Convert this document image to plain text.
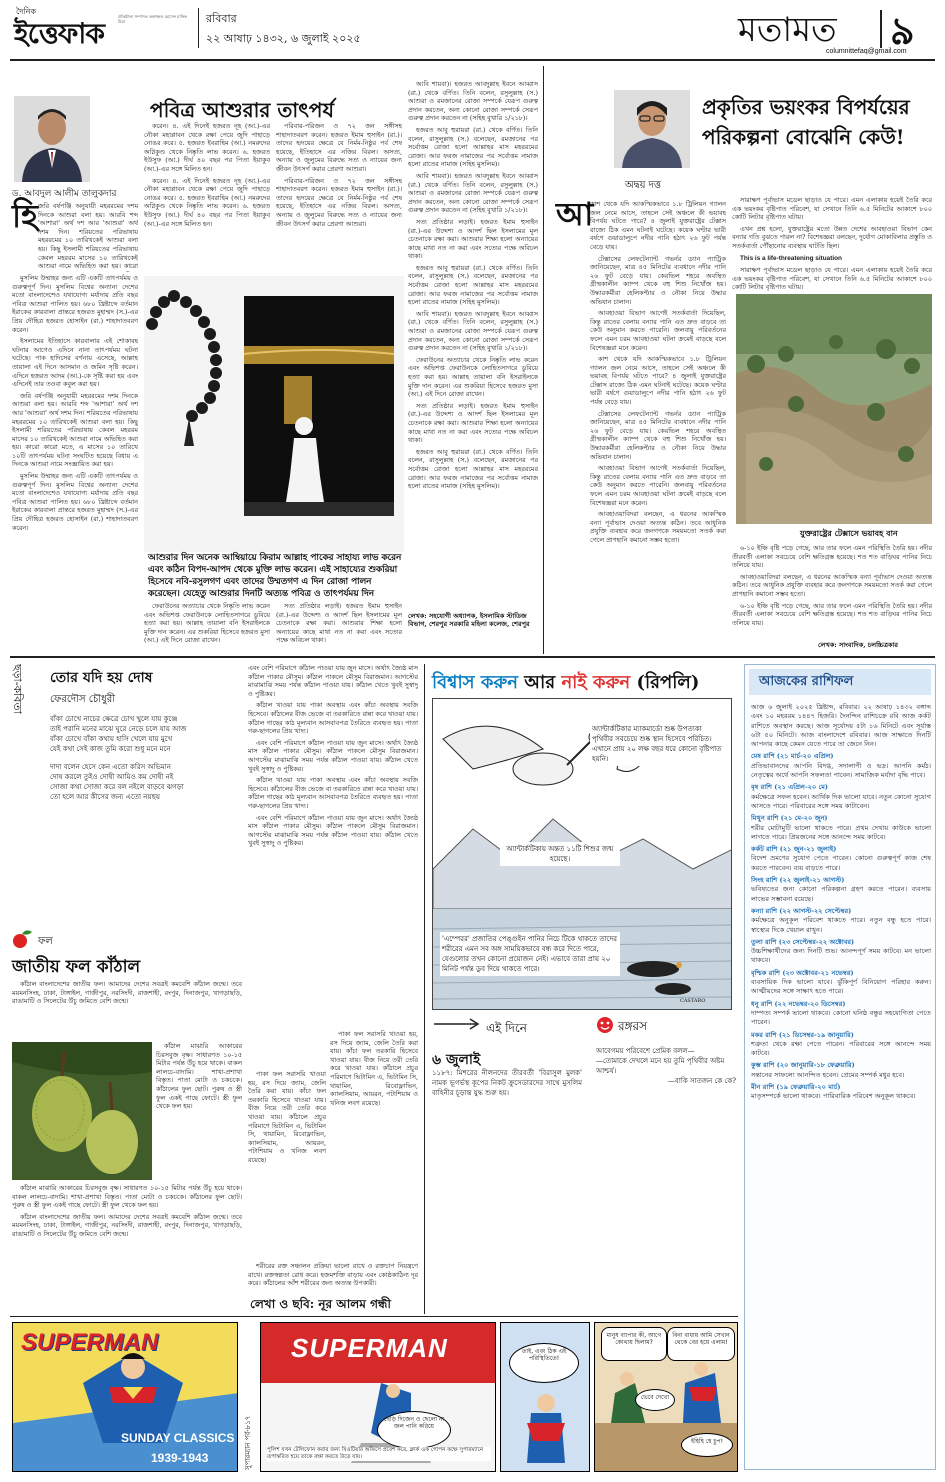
দৈনিক
ইত্তেফাক
প্রতিষ্ঠাতা সম্পাদক তফাজ্জল হোসেন মানিক মিয়া	রবিবার
২২ আষাঢ় ১৪৩২, ৬ জুলাই ২০২৫	মতামত ৯
columnittefaq@gmail.com
পবিত্র আশুরার তাৎপর্য
ড. আবদুল আলীম তালুকদার
হি জরি বর্ষপঞ্জি অনুযায়ী মহররমের দশম দিনকে আশুরা বলা হয়। আরবি শব্দ 'আশারা' অর্থ দশ আর 'আশুরা' অর্থ দশম দিন। শরিয়তের পরিভাষায় মহররমের ১০ তারিখকেই আশুরা বলা হয়। কিছু ইসলামী শরিয়তের পরিভাষায় কেবল মহররম মাসের ১০ তারিখকেই আশুরা নামে অভিহিত করা হয়। কারো

মুসলিম উম্মাহর জন্য এটি একটি তাৎপর্যময় ও গুরুত্বপূর্ণ দিন। মুসলিম বিশ্বের অন্যান্য দেশের মতো বাংলাদেশেও যথাযোগ্য মর্যাদায় প্রতি বছর পবিত্র আশুরা পালিত হয়। ৬৮০ খ্রিষ্টাব্দে বর্তমান ইরাকের কারবালা প্রান্তরে হজরত মুহাম্মদ (স.)-এর প্রিয় দৌহিত্র হজরত হোসাইন (রা.) শাহাদাতবরণ করেন।

ইসলামের ইতিহাসে কারবালার এই শোকাবহ ঘটনার আগেও এদিনে নানা তাৎপর্যময় ঘটনা ঘটেছে। পাক হাদিসের বর্ণনায় এসেছে, আল্লাহ তায়ালা এই দিনে আসমান ও জমিন সৃষ্টি করেন। এদিনে হজরত আদম (আ.)-কে সৃষ্টি করা হয় এবং এদিনেই তার তওবা কবুল করা হয়।

জরি বর্ষপঞ্জি অনুযায়ী মহররমের দশম দিনকে আশুরা বলা হয়। আরবি শব্দ 'আশারা' অর্থ দশ আর 'আশুরা' অর্থ দশম দিন। শরিয়তের পরিভাষায় মহররমের ১০ তারিখকেই আশুরা বলা হয়। কিছু ইসলামী শরিয়তের পরিভাষায় কেবল মহররম মাসের ১০ তারিখকেই আশুরা নামে অভিহিত করা হয়। কারো কারো মতে, এ মাসের ১০ তারিখে ১০টি তাৎপর্যময় ঘটনা সংঘটিত হয়েছে বিধায় এ দিনকে আশুরা নামে সংজ্ঞায়িত করা হয়।

মুসলিম উম্মাহর জন্য এটি একটি তাৎপর্যময় ও গুরুত্বপূর্ণ দিন। মুসলিম বিশ্বের অন্যান্য দেশের মতো বাংলাদেশেও যথাযোগ্য মর্যাদায় প্রতি বছর পবিত্র আশুরা পালিত হয়। ৬৮০ খ্রিষ্টাব্দে বর্তমান ইরাকের কারবালা প্রান্তরে হজরত মুহাম্মদ (স.)-এর প্রিয় দৌহিত্র হজরত হোসাইন (রা.) শাহাদাতবরণ করেন।

করেন। ৪. এই দিনেই হজরত নূহ (আ.)-এর নৌকা মহাপ্লাবন থেকে রক্ষা পেয়ে জুদি পাহাড়ে নোঙর করে। ৫. হজরত ইবরাহিম (আ.) নমরুদের অগ্নিকুণ্ড থেকে নিষ্কৃতি লাভ করেন। ৬. হজরত ইউসুফ (আ.) দীর্ঘ ৪০ বছর পর পিতা ইয়াকুব (আ.)-এর সঙ্গে মিলিত হন।

করেন। ৪. এই দিনেই হজরত নূহ (আ.)-এর নৌকা মহাপ্লাবন থেকে রক্ষা পেয়ে জুদি পাহাড়ে নোঙর করে। ৫. হজরত ইবরাহিম (আ.) নমরুদের অগ্নিকুণ্ড থেকে নিষ্কৃতি লাভ করেন। ৬. হজরত ইউসুফ (আ.) দীর্ঘ ৪০ বছর পর পিতা ইয়াকুব (আ.)-এর সঙ্গে মিলিত হন।

পরিবার-পরিজন ও ৭২ জন সঙ্গীসহ শাহাদাতবরণ করেন। হজরত ইমাম হুসাইন (রা.)। তাদের হৃদয়ের ক্ষেত্রে যে নির্মম-নিষ্ঠুর পর্ব শেষ হয়েছে, ইতিহাসে এর নজির বিরল। অসত্য, অন্যায় ও জুলুমের বিরুদ্ধে সত্য ও ন্যায়ের জন্য জীবন উৎসর্গ করার প্রেরণা আশুরা।

পরিবার-পরিজন ও ৭২ জন সঙ্গীসহ শাহাদাতবরণ করেন। হজরত ইমাম হুসাইন (রা.)। তাদের হৃদয়ের ক্ষেত্রে যে নির্মম-নিষ্ঠুর পর্ব শেষ হয়েছে, ইতিহাসে এর নজির বিরল। অসত্য, অন্যায় ও জুলুমের বিরুদ্ধে সত্য ও ন্যায়ের জন্য জীবন উৎসর্গ করার প্রেরণা আশুরা।

আবি শায়বা)। হজরত আবদুল্লাহ ইবনে আব্বাস (রা.) থেকে বর্ণিত। তিনি বলেন, রসুলুল্লাহ (স.) আশুরা ও রমজানের রোজা সম্পর্কে যেরূপ গুরুত্ব প্রদান করতেন, অন্য কোনো রোজা সম্পর্কে সেরূপ গুরুত্ব প্রদান করতেন না (সহিহ বুখারি ১/২১৮)।

হজরত আবু হুরায়রা (রা.) থেকে বর্ণিত। তিনি বলেন, রাসুলুল্লাহ (স.) বলেছেন, রমজানের পর সর্বোত্তম রোজা হলো আল্লাহর মাস মহররমের রোজা। আর ফরজ নামাজের পর সর্বোত্তম নামাজ হলো রাতের নামাজ (সহিহ মুসলিম)।

আবি শায়বা)। হজরত আবদুল্লাহ ইবনে আব্বাস (রা.) থেকে বর্ণিত। তিনি বলেন, রসুলুল্লাহ (স.) আশুরা ও রমজানের রোজা সম্পর্কে যেরূপ গুরুত্ব প্রদান করতেন, অন্য কোনো রোজা সম্পর্কে সেরূপ গুরুত্ব প্রদান করতেন না (সহিহ বুখারি ১/২১৮)।

সত্য প্রতিষ্ঠার লড়াই। হজরত ইমাম হুসাইন (রা.)-এর উদ্দেশ্য ও আদর্শ ছিল ইসলামের মূল চেতনাকে রক্ষা করা। আশুরার শিক্ষা হলো অন্যায়ের কাছে মাথা নত না করা এবং সত্যের পক্ষে অবিচল থাকা।

হজরত আবু হুরায়রা (রা.) থেকে বর্ণিত। তিনি বলেন, রাসুলুল্লাহ (স.) বলেছেন, রমজানের পর সর্বোত্তম রোজা হলো আল্লাহর মাস মহররমের রোজা। আর ফরজ নামাজের পর সর্বোত্তম নামাজ হলো রাতের নামাজ (সহিহ মুসলিম)।

আবি শায়বা)। হজরত আবদুল্লাহ ইবনে আব্বাস (রা.) থেকে বর্ণিত। তিনি বলেন, রসুলুল্লাহ (স.) আশুরা ও রমজানের রোজা সম্পর্কে যেরূপ গুরুত্ব প্রদান করতেন, অন্য কোনো রোজা সম্পর্কে সেরূপ গুরুত্ব প্রদান করতেন না (সহিহ বুখারি ১/২১৮)।

ফেরাউনের অত্যাচার থেকে নিষ্কৃতি লাভ করেন এবং অভিশপ্ত ফেরাউনকে লোহিতসাগরে ডুবিয়ে হত্যা করা হয়। আল্লাহ তায়ালা বনি ইসরাইলকে মুক্তি দান করেন। এর শুকরিয়া হিসেবে হজরত মুসা (আ.) এই দিনে রোজা রাখেন।

সত্য প্রতিষ্ঠার লড়াই। হজরত ইমাম হুসাইন (রা.)-এর উদ্দেশ্য ও আদর্শ ছিল ইসলামের মূল চেতনাকে রক্ষা করা। আশুরার শিক্ষা হলো অন্যায়ের কাছে মাথা নত না করা এবং সত্যের পক্ষে অবিচল থাকা।

হজরত আবু হুরায়রা (রা.) থেকে বর্ণিত। তিনি বলেন, রাসুলুল্লাহ (স.) বলেছেন, রমজানের পর সর্বোত্তম রোজা হলো আল্লাহর মাস মহররমের রোজা। আর ফরজ নামাজের পর সর্বোত্তম নামাজ হলো রাতের নামাজ (সহিহ মুসলিম)।

আশুরার দিন অনেক আম্বিয়ায়ে কিরাম আল্লাহ পাকের সাহায্য লাভ করেন এবং কঠিন বিপদ-আপদ থেকে মুক্তি লাভ করেন। এই সাহায্যের শুকরিয়া হিসেবে নবি-রসুলগণ এবং তাদের উম্মতগণ এ দিন রোজা পালন করেছেন। যেহেতু আশুরার দিনটি অত্যন্ত পবিত্র ও তাৎপর্যময় দিন

ফেরাউনের অত্যাচার থেকে নিষ্কৃতি লাভ করেন এবং অভিশপ্ত ফেরাউনকে লোহিতসাগরে ডুবিয়ে হত্যা করা হয়। আল্লাহ তায়ালা বনি ইসরাইলকে মুক্তি দান করেন। এর শুকরিয়া হিসেবে হজরত মুসা (আ.) এই দিনে রোজা রাখেন।

সত্য প্রতিষ্ঠার লড়াই। হজরত ইমাম হুসাইন (রা.)-এর উদ্দেশ্য ও আদর্শ ছিল ইসলামের মূল চেতনাকে রক্ষা করা। আশুরার শিক্ষা হলো অন্যায়ের কাছে মাথা নত না করা এবং সত্যের পক্ষে অবিচল থাকা।

লেখক: সহযোগী অধ্যাপক, ইসলামিক স্টাডিজ বিভাগ, শেরপুর সরকারি মহিলা কলেজ, শেরপুর
অদ্বয় দত্ত
প্রকৃতির ভয়ংকর বিপর্যয়ের পরিকল্পনা বোঝেনি কেউ!
আ

কাশ থেকে যদি আকস্মিকভাবে ১.৮ ট্রিলিয়ন গ্যালন জল নেমে আসে, তাহলে সেই অঞ্চলে কী ভয়াবহ বিপর্যয় ঘটতে পারে? ৪ জুলাই যুক্তরাষ্ট্রের টেক্সাস রাজ্যে ঠিক এমন ঘটনাই ঘটেছে। কয়েক ঘণ্টার ভারী বর্ষণে গুয়াডালুপে নদীর পানি হঠাৎ ২৬ ফুট পর্যন্ত বেড়ে যায়।

টেক্সাসের লেফটেন্যান্ট গভর্নর ড্যান প্যাট্রিক জানিয়েছেন, মাত্র ৪৫ মিনিটের ব্যবধানে নদীর পানি ২৬ ফুট বেড়ে যায়। কেরভিল শহরে অবস্থিত গ্রীষ্মকালীন ক্যাম্প থেকে বহু শিশু নিখোঁজ হয়। উদ্ধারকর্মীরা হেলিকপ্টার ও নৌকা নিয়ে উদ্ধার অভিযান চালান।

আবহাওয়া বিভাগ আগেই সতর্কবার্তা দিয়েছিল, কিন্তু রাতের বেলায় বন্যার পানি এত দ্রুত বাড়বে তা কেউ অনুমান করতে পারেনি। জলবায়ু পরিবর্তনের ফলে এমন চরম আবহাওয়া ঘটনা ক্রমেই বাড়ছে বলে বিশেষজ্ঞরা মনে করেন।

কাশ থেকে যদি আকস্মিকভাবে ১.৮ ট্রিলিয়ন গ্যালন জল নেমে আসে, তাহলে সেই অঞ্চলে কী ভয়াবহ বিপর্যয় ঘটতে পারে? ৪ জুলাই যুক্তরাষ্ট্রের টেক্সাস রাজ্যে ঠিক এমন ঘটনাই ঘটেছে। কয়েক ঘণ্টার ভারী বর্ষণে গুয়াডালুপে নদীর পানি হঠাৎ ২৬ ফুট পর্যন্ত বেড়ে যায়।

টেক্সাসের লেফটেন্যান্ট গভর্নর ড্যান প্যাট্রিক জানিয়েছেন, মাত্র ৪৫ মিনিটের ব্যবধানে নদীর পানি ২৬ ফুট বেড়ে যায়। কেরভিল শহরে অবস্থিত গ্রীষ্মকালীন ক্যাম্প থেকে বহু শিশু নিখোঁজ হয়। উদ্ধারকর্মীরা হেলিকপ্টার ও নৌকা নিয়ে উদ্ধার অভিযান চালান।

আবহাওয়া বিভাগ আগেই সতর্কবার্তা দিয়েছিল, কিন্তু রাতের বেলায় বন্যার পানি এত দ্রুত বাড়বে তা কেউ অনুমান করতে পারেনি। জলবায়ু পরিবর্তনের ফলে এমন চরম আবহাওয়া ঘটনা ক্রমেই বাড়ছে বলে বিশেষজ্ঞরা মনে করেন।

আবহাওয়াবিদরা বলছেন, এ ধরনের আকস্মিক বন্যা পূর্বাভাস দেওয়া অত্যন্ত কঠিন। তবে আধুনিক প্রযুক্তি ব্যবহার করে জনগণকে সময়মতো সতর্ক করা গেলে প্রাণহানি কমানো সম্ভব হতো।

সারাক্ষণ পূর্বাভাস মডেল ছাড়াও যে পারে। এমন এলাকায় হয়েই তৈরি করে এক ভয়ংকর বৃষ্টিপাত পরিবেশ, যা সেখানে তিনি ৬.৫ মিনিটের আকাশে ৮০০ কোটি লিটার বৃষ্টিপাত ঘটায়।

এখন প্রশ্ন হলো, যুক্তরাষ্ট্রের মতো উন্নত দেশের আবহাওয়া বিভাগ কেন বন্যার গতি বুঝতে পারল না? বিশেষজ্ঞরা বলছেন, দুর্যোগ মোকাবিলার প্রস্তুতি ও সতর্কবার্তা পৌঁছানোর ব্যবস্থায় ঘাটতি ছিল।

This is a life-threatening situation

সারাক্ষণ পূর্বাভাস মডেল ছাড়াও যে পারে। এমন এলাকায় হয়েই তৈরি করে এক ভয়ংকর বৃষ্টিপাত পরিবেশ, যা সেখানে তিনি ৬.৫ মিনিটের আকাশে ৮০০ কোটি লিটার বৃষ্টিপাত ঘটায়।

যুক্তরাষ্ট্রের টেক্সাসে ভয়াবহ বান

৬-১০ ইঞ্চি বৃষ্টি পড়ে গেছে, আর তার ফলে এমন পরিস্থিতি তৈরি হয়। নদীর তীরবর্তী এলাকা সবচেয়ে বেশি ক্ষতিগ্রস্ত হয়েছে। শত শত বাড়িঘর পানির নিচে তলিয়ে যায়।

আবহাওয়াবিদরা বলছেন, এ ধরনের আকস্মিক বন্যা পূর্বাভাস দেওয়া অত্যন্ত কঠিন। তবে আধুনিক প্রযুক্তি ব্যবহার করে জনগণকে সময়মতো সতর্ক করা গেলে প্রাণহানি কমানো সম্ভব হতো।

৬-১০ ইঞ্চি বৃষ্টি পড়ে গেছে, আর তার ফলে এমন পরিস্থিতি তৈরি হয়। নদীর তীরবর্তী এলাকা সবচেয়ে বেশি ক্ষতিগ্রস্ত হয়েছে। শত শত বাড়িঘর পানির নিচে তলিয়ে যায়।

লেখক: সাংবাদিক, চলচ্চিত্রকার
ছড়া-কবিতা তোর যদি হয় দোষ
ফেরদৌস চৌধুরী
বাঁকা চোখে নাচের ক্ষেত্রে চোখ খুলে যায় কুঞ্জে
তাই পরানি মনের মাঝে ঘুরে নেড়ে চলে যায় আজ
বাঁকা চোখে বাঁকা কথায় হাসি খেলে যায় মুখে
যেই কথা সেই কাজ তুমি করো শুধু মনে মনে
দাদা বলেন হেসে কেন এতো করিস অভিমান
দোষ করলে তুইও দোষী আমিও কম দোষী নই
সোজা কথা সোজা করে বল নইলে বাড়বে ঝগড়া
তো হলে আর কীসের জন্য এতো নয়ছয়
ফল
জাতীয় ফল কাঁঠাল

কাঁঠাল বাংলাদেশের জাতীয় ফল। আমাদের দেশের সবত্রই কমবেশি কাঁঠাল জন্মে। তবে ময়মনসিংহ, ঢাকা, টাঙ্গাইল, গাজীপুর, নরসিংদী, রাজশাহী, রংপুর, দিনাজপুর, খাগড়াছড়ি, রাঙামাটি ও সিলেটের উঁচু জমিতে বেশি জন্মে।

কাঁঠাল মাঝারি আকারের চিরসবুজ বৃক্ষ। সাধারণত ১০-১৫ মিটার পর্যন্ত উঁচু হয়ে থাকে। বাকল লালচে-বাদামি। শাখা-প্রশাখা বিস্তৃত। পাতা মোটা ও চকচকে। কাঁঠালের ফুল ছোট। পুরুষ ও স্ত্রী ফুল একই গাছে ফোটে। স্ত্রী ফুল থেকে ফল হয়।

কাঁঠাল মাঝারি আকারের চিরসবুজ বৃক্ষ। সাধারণত ১০-১৫ মিটার পর্যন্ত উঁচু হয়ে থাকে। বাকল লালচে-বাদামি। শাখা-প্রশাখা বিস্তৃত। পাতা মোটা ও চকচকে। কাঁঠালের ফুল ছোট। পুরুষ ও স্ত্রী ফুল একই গাছে ফোটে। স্ত্রী ফুল থেকে ফল হয়।

কাঁঠাল বাংলাদেশের জাতীয় ফল। আমাদের দেশের সবত্রই কমবেশি কাঁঠাল জন্মে। তবে ময়মনসিংহ, ঢাকা, টাঙ্গাইল, গাজীপুর, নরসিংদী, রাজশাহী, রংপুর, দিনাজপুর, খাগড়াছড়ি, রাঙামাটি ও সিলেটের উঁচু জমিতে বেশি জন্মে।

এবং বেশি পরিমাণে কাঁঠাল পাওয়া যায় জুন মাসে। অর্থাৎ জ্যৈষ্ঠ মাস কাঁঠাল পাকার মৌসুম। কাঁঠাল পাকলে মৌসুম বিরাজমান। আগস্টের মাঝামাঝি সময় পর্যন্ত কাঁঠাল পাওয়া যায়। কাঁঠাল খেতে খুবই সুস্বাদু ও পুষ্টিকর।

কাঁঠাল খাওয়া যায় পাকা অবস্থায় এবং কাঁচা অবস্থায় সবজি হিসেবে। কাঁঠালের বীজ ভেজে বা তরকারিতে রান্না করে খাওয়া যায়। কাঁঠাল গাছের কাঠ মূল্যবান আসবাবপত্র তৈরিতে ব্যবহৃত হয়। পাতা গরু-ছাগলের প্রিয় খাদ্য।

এবং বেশি পরিমাণে কাঁঠাল পাওয়া যায় জুন মাসে। অর্থাৎ জ্যৈষ্ঠ মাস কাঁঠাল পাকার মৌসুম। কাঁঠাল পাকলে মৌসুম বিরাজমান। আগস্টের মাঝামাঝি সময় পর্যন্ত কাঁঠাল পাওয়া যায়। কাঁঠাল খেতে খুবই সুস্বাদু ও পুষ্টিকর।

কাঁঠাল খাওয়া যায় পাকা অবস্থায় এবং কাঁচা অবস্থায় সবজি হিসেবে। কাঁঠালের বীজ ভেজে বা তরকারিতে রান্না করে খাওয়া যায়। কাঁঠাল গাছের কাঠ মূল্যবান আসবাবপত্র তৈরিতে ব্যবহৃত হয়। পাতা গরু-ছাগলের প্রিয় খাদ্য।

এবং বেশি পরিমাণে কাঁঠাল পাওয়া যায় জুন মাসে। অর্থাৎ জ্যৈষ্ঠ মাস কাঁঠাল পাকার মৌসুম। কাঁঠাল পাকলে মৌসুম বিরাজমান। আগস্টের মাঝামাঝি সময় পর্যন্ত কাঁঠাল পাওয়া যায়। কাঁঠাল খেতে খুবই সুস্বাদু ও পুষ্টিকর।

পাকা ফল সরাসরি খাওয়া হয়, রস দিয়ে জ্যাম, জেলি তৈরি করা যায়। কাঁচা ফল তরকারি হিসেবে খাওয়া যায়। বীজ নিয়ে তরী তেরি করে খাওয়া যায়। কাঁঠালে প্রচুর পরিমাণে ভিটামিন এ, ভিটামিন সি, থায়ামিন, রিবোফ্লাভিন, ক্যালসিয়াম, আয়রন, পটাশিয়াম ও খনিজ লবণ রয়েছে।

পাকা ফল সরাসরি খাওয়া হয়, রস দিয়ে জ্যাম, জেলি তৈরি করা যায়। কাঁচা ফল তরকারি হিসেবে খাওয়া যায়। বীজ নিয়ে তরী তেরি করে খাওয়া যায়। কাঁঠালে প্রচুর পরিমাণে ভিটামিন এ, ভিটামিন সি, থায়ামিন, রিবোফ্লাভিন, ক্যালসিয়াম, আয়রন, পটাশিয়াম ও খনিজ লবণ রয়েছে।

শরীরের রক্ত সঞ্চালন প্রক্রিয়া ভালো রাখে ও রক্তচাপ নিয়ন্ত্রণে রাখে। রক্তস্বল্পতা রোধ করে। হজমশক্তি বাড়ায় এবং কোষ্ঠকাঠিন্য দূর করে। কাঁঠালের আঁশ শরীরের জন্য অত্যন্ত উপকারী।

লেখা ও ছবি: নূর আলম গন্ধী
বিশ্বাস করুন আর নাই করুন (রিপলি)
অ্যান্টার্কটিকার ম্যাকমার্ডো শুষ্ক উপত্যকা পৃথিবীর সবচেয়ে শুষ্ক স্থান হিসেবে পরিচিত। এখানে প্রায় ২০ লক্ষ বছর ধরে কোনো বৃষ্টিপাত হয়নি।
অ্যান্টার্কটিকায় অন্তত ১১টি শিশুর জন্ম হয়েছে।
'এম্পেরর' প্রজাতির পেঙ্গুইন পানির নিচে টিকে থাকতে তাদের শরীরের এমন সব অঙ্গ সাময়িকভাবে বন্ধ করে দিতে পারে, যেগুলোর তখন কোনো প্রয়োজন নেই। এভাবে তারা প্রায় ২০ মিনিট পর্যন্ত ডুব দিয়ে থাকতে পারে।
CASTARO
এই দিনে
৬ জুলাই
১১৮৭: মিশরের নীলনদের তীরবর্তী 'বিরাসুল মুলক' নামক ভূগর্ভস্থ কূপের নিকট ক্রুসেডারদের সাথে মুসলিম বাহিনীর চূড়ান্ত যুদ্ধ শুরু হয়।
রঙ্গরস
আবেগময় পরিবেশে প্রেমিক বলল—
—তোমাকে দেখলে মনে হয় তুমি পৃথিবীর অষ্টম আশ্চর্য।
—বাকি সাতজন কে কে?
আজকের রাশিফল

আজ ৬ জুলাই ২০২৫ খ্রিষ্টাব্দ, রবিবার। ২২ আষাঢ় ১৪৩২ বঙ্গাব্দ এবং ১০ মহররম ১৪৪৭ হিজরি। দৈনন্দিন রাশিচক্রে রবি আজ কর্কট রাশিতে অবস্থান করছে। আজ সূর্যোদয় ৫টা ১৬ মিনিটে এবং সূর্যাস্ত ৬টা ৫০ মিনিটে। আজ বাংলাদেশে রবিবার। আজ সাক্ষাতে দিনটি আপনার কাছে কেমন যেতে পারে তা জেনে নিন।

মেষ রাশি (২১ মার্চ-২০ এপ্রিল)

প্রতিভাবানদের আপনি বিদগ্ধ, সদালাপী ও ভদ্র। আপনি কর্মঠ। নেতৃত্বের অর্থে আপনি সফলতা পাবেন। সামাজিক মর্যাদা বৃদ্ধি পাবে।

বৃষ রাশি (২১ এপ্রিল-২০ মে)

কর্মক্ষেত্রে সফল হবেন। আর্থিক দিক ভালো যাবে। নতুন কোনো সুযোগ আসতে পারে। পরিবারের সঙ্গে সময় কাটাবেন।

মিথুন রাশি (২১ মে-২০ জুন)

শরীর মোটামুটি ভালো থাকতে পারে। প্রথম দেখায় কাউকে ভালো লাগতে পারে। প্রিয়জনের সঙ্গে আনন্দে সময় কাটবে।

কর্কট রাশি (২১ জুন-২১ জুলাই)

বিদেশ ভ্রমণের সুযোগ পেতে পারেন। কোনো গুরুত্বপূর্ণ কাজ শেষ করতে পারবেন। ব্যয় বাড়তে পারে।

সিংহ রাশি (২২ জুলাই-২১ আগস্ট)

ভবিষ্যতের জন্য কোনো পরিকল্পনা গ্রহণ করতে পারেন। ব্যবসায় লাভের সম্ভাবনা রয়েছে।

কন্যা রাশি (২২ আগস্ট-২২ সেপ্টেম্বর)

কর্মক্ষেত্রে অনুকূল পরিবেশ থাকতে পারে। নতুন বন্ধু হতে পারে। স্বাস্থ্যের দিকে খেয়াল রাখুন।

তুলা রাশি (২৩ সেপ্টেম্বর-২২ অক্টোবর)

উচ্চশিক্ষার্থীদের জন্য দিনটি শুভ। আনন্দপূর্ণ সময় কাটবে। মন ভালো থাকবে।

বৃশ্চিক রাশি (২৩ অক্টোবর-২১ নভেম্বর)

ব্যবসায়িক দিক ভালো যাবে। ঝুঁকিপূর্ণ বিনিয়োগ পরিহার করুন। আত্মীয়দের সঙ্গে সাক্ষাৎ হতে পারে।

ধনু রাশি (২২ নভেম্বর-২০ ডিসেম্বর)

দাম্পত্য সম্পর্ক ভালো থাকবে। কোনো ঘনিষ্ঠ বন্ধুর সহযোগিতা পেতে পারেন।

মকর রাশি (২১ ডিসেম্বর-১৯ জানুয়ারি)

শত্রুতা থেকে রক্ষা পেতে পারেন। পরিবারের সঙ্গে আনন্দে সময় কাটবে।

কুম্ভ রাশি (২০ জানুয়ারি-১৮ ফেব্রুয়ারি)

সন্তানের সাফল্যে আনন্দিত হবেন। প্রেমের সম্পর্ক মধুর হবে।

মীন রাশি (১৯ ফেব্রুয়ারি-২০ মার্চ)

মাতৃসম্পর্কে ভালো থাকবে। পারিবারিক পরিবেশ অনুকূল থাকবে।

SUPERMAN
SUNDAY CLASSICS
1939-1943	সুপারম্যান পর্ব-৮১৭
SUPERMAN
ছেড়ি দিজেন ও ছেলো না জল পানি করিয়ে
পুলিশ যখন টেলিফোন করার জন্য যিওটিয়ার অফিসে প্রবেশ করে, ক্লার্ক এক গোপন কক্ষে সুপারম্যানে রূপান্তরিত হয়ে তাকে রক্ষা করতে উড়ে যায়।
তাই, এবং ঠিক এই পরিস্থিতিতে!
মানুষ ব্যাপার কী, আগে কোথায় ছিলাম?
বিনা বাধায় আমি সেখান থেকে বের হয়ে এলাম!
ভেবে দেখো
ইহিহি হে চুপ!
